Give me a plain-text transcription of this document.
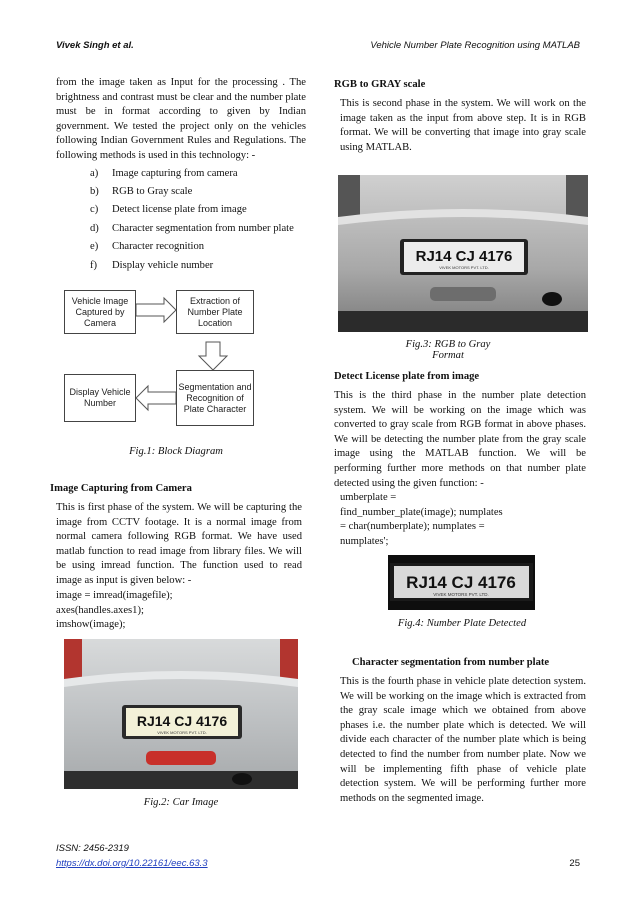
Vivek Singh et al.	Vehicle Number Plate Recognition using MATLAB
from the image taken as Input for the processing . The brightness and contrast must be clear and the number plate must be in format according to given by Indian government. We tested the project only on the vehicles following Indian Government Rules and Regulations. The following methods is used in this technology: -
a) Image capturing from camera
b) RGB to Gray scale
c) Detect license plate from image
d) Character segmentation from number plate
e) Character recognition
f) Display vehicle number
Vehicle Image Captured by Camera
Extraction of Number Plate Location
Segmentation and Recognition of Plate Character
Display Vehicle Number
Fig.1: Block Diagram
Image Capturing from Camera
This is first phase of the system. We will be capturing the image from CCTV footage. It is a normal image from normal camera following RGB format. We have used matlab function to read image from library files. We will be using imread function. The function used to read image as input is given below: -
image = imread(imagefile);
axes(handles.axes1);
imshow(image);
RJ14 CJ 4176
VIVEK MOTORS PVT. LTD.
Fig.2: Car Image
RGB to GRAY scale
This is second phase in the system. We will work on the image taken as the input from above step. It is in RGB format. We will be converting that image into gray scale using MATLAB.
RJ14 CJ 4176
VIVEK MOTORS PVT. LTD.
Fig.3: RGB to Gray
Format
Detect License plate from image
This is the third phase in the number plate detection system. We will be working on the image which was converted to gray scale from RGB format in above phases. We will be detecting the number plate from the gray scale image using the MATLAB function. We will be performing further more methods on that number plate detected using the given function: -
umberplate =
find_number_plate(image); numplates
= char(numberplate); numplates =
numplates';
RJ14 CJ 4176
VIVEK MOTORS PVT. LTD.
Fig.4: Number Plate Detected
Character segmentation from number plate
This is the fourth phase in vehicle plate detection system. We will be working on the image which is extracted from the gray scale image which we obtained from above phases i.e. the number plate which is detected. We will divide each character of the number plate which is being detected to find the number from number plate. Now we will be implementing fifth phase of vehicle plate detection system. We will be performing further more methods on the segmented image.
ISSN: 2456-2319
https://dx.doi.org/10.22161/eec.63.3	25
